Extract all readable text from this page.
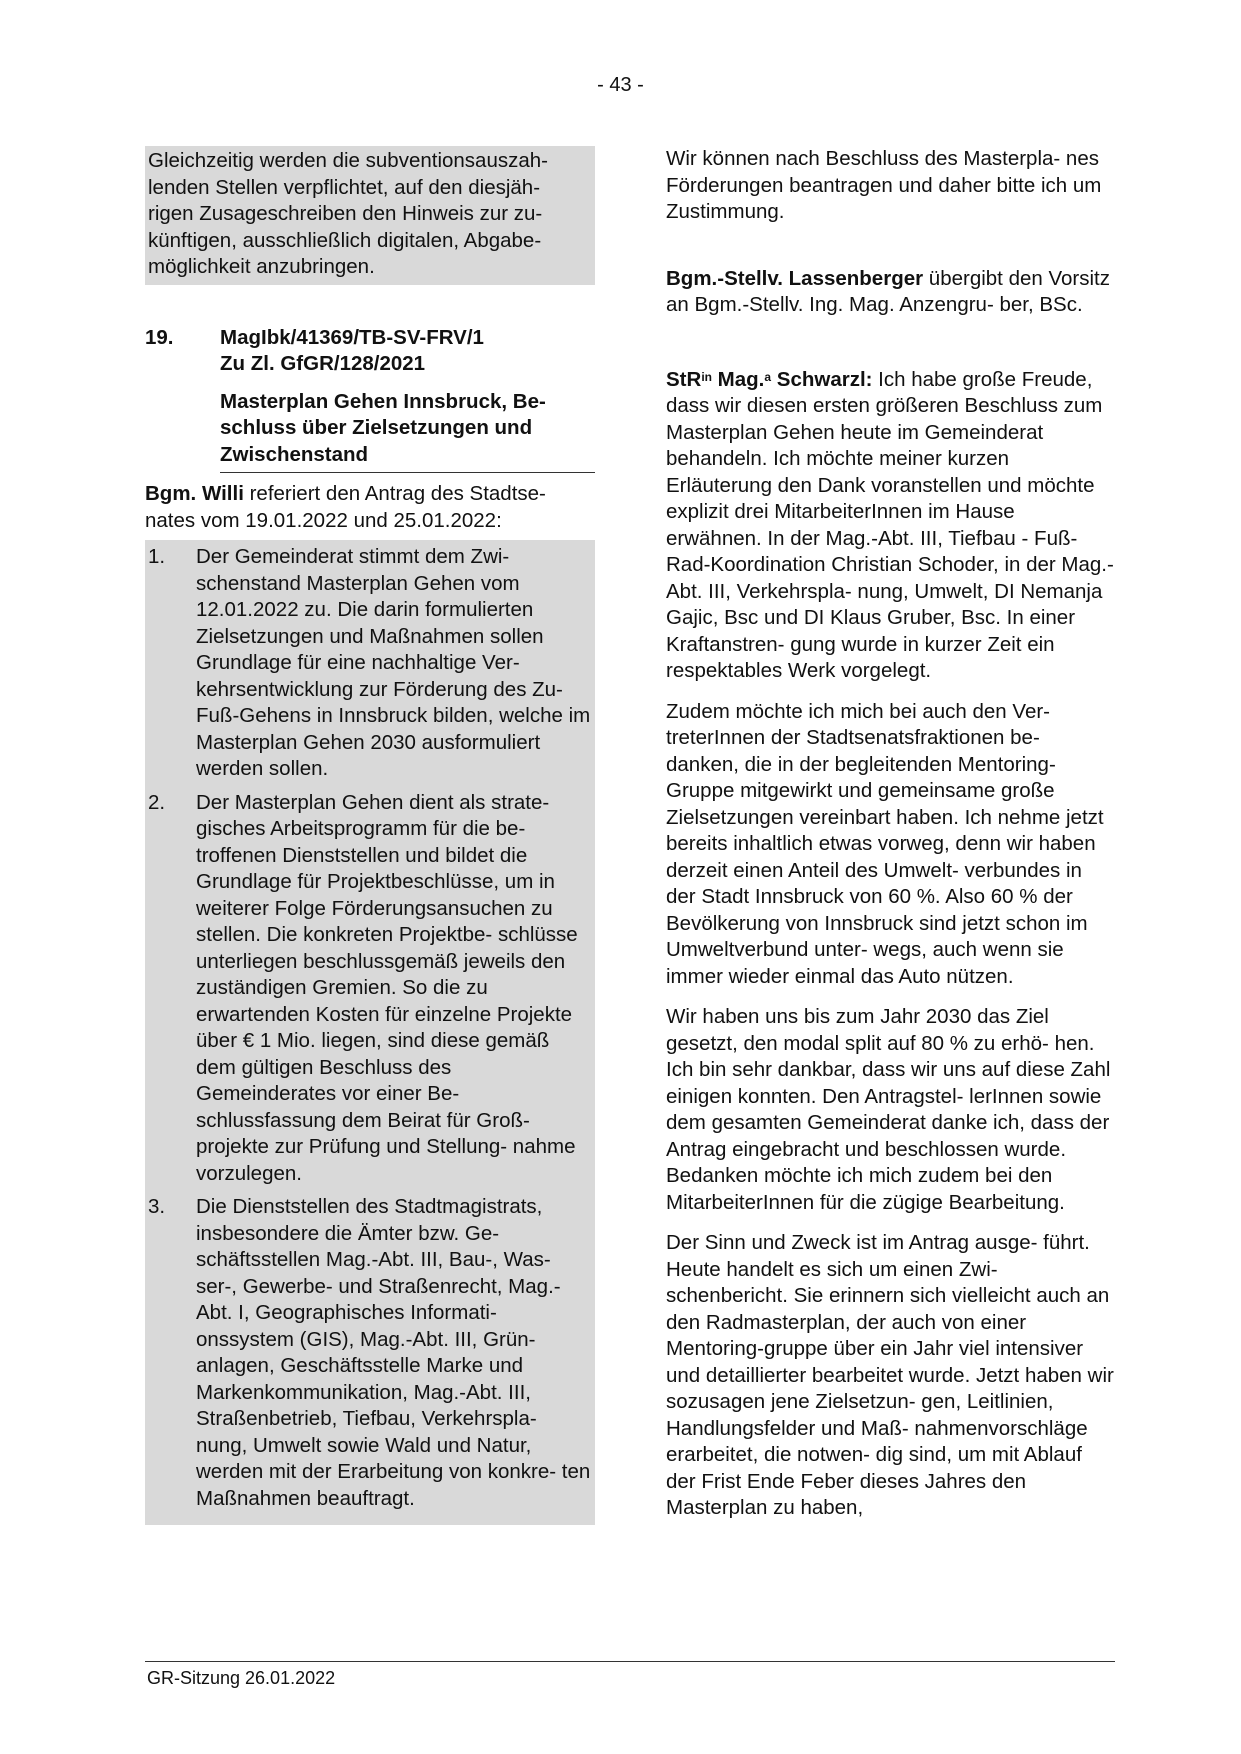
- 43 -
Gleichzeitig werden die subventionsauszah- lenden Stellen verpflichtet, auf den diesjäh- rigen Zusageschreiben den Hinweis zur zu- künftigen, ausschließlich digitalen, Abgabe- möglichkeit anzubringen.
19.	MagIbk/41369/TB-SV-FRV/1
Zu Zl. GfGR/128/2021
Masterplan Gehen Innsbruck, Be- schluss über Zielsetzungen und Zwischenstand

Bgm. Willi referiert den Antrag des Stadtse- nates vom 19.01.2022 und 25.01.2022:

1.	Der Gemeinderat stimmt dem Zwi- schenstand Masterplan Gehen vom 12.01.2022 zu. Die darin formulierten Zielsetzungen und Maßnahmen sollen Grundlage für eine nachhaltige Ver- kehrsentwicklung zur Förderung des Zu-Fuß-Gehens in Innsbruck bilden, welche im Masterplan Gehen 2030 ausformuliert werden sollen.
2.	Der Masterplan Gehen dient als strate- gisches Arbeitsprogramm für die be- troffenen Dienststellen und bildet die Grundlage für Projektbeschlüsse, um in weiterer Folge Förderungsansuchen zu stellen. Die konkreten Projektbe- schlüsse unterliegen beschlussgemäß jeweils den zuständigen Gremien. So die zu erwartenden Kosten für einzelne Projekte über € 1 Mio. liegen, sind diese gemäß dem gültigen Beschluss des Gemeinderates vor einer Be- schlussfassung dem Beirat für Groß- projekte zur Prüfung und Stellung- nahme vorzulegen.
3.	Die Dienststellen des Stadtmagistrats, insbesondere die Ämter bzw. Ge- schäftsstellen Mag.-Abt. III, Bau-, Was- ser-, Gewerbe- und Straßenrecht, Mag.-Abt. I, Geographisches Informati- onssystem (GIS), Mag.-Abt. III, Grün- anlagen, Geschäftsstelle Marke und Markenkommunikation, Mag.-Abt. III, Straßenbetrieb, Tiefbau, Verkehrspla- nung, Umwelt sowie Wald und Natur, werden mit der Erarbeitung von konkre- ten Maßnahmen beauftragt.

Wir können nach Beschluss des Masterpla- nes Förderungen beantragen und daher bitte ich um Zustimmung.

Bgm.-Stellv. Lassenberger übergibt den Vorsitz an Bgm.-Stellv. Ing. Mag. Anzengru- ber, BSc.

StR$^{in}$ Mag.$^a$ Schwarzl: Ich habe große Freude, dass wir diesen ersten größeren Beschluss zum Masterplan Gehen heute im Gemeinderat behandeln. Ich möchte meiner kurzen Erläuterung den Dank voranstellen und möchte explizit drei MitarbeiterInnen im Hause erwähnen. In der Mag.-Abt. III, Tiefbau - Fuß-Rad-Koordination Christian Schoder, in der Mag.-Abt. III, Verkehrspla- nung, Umwelt, DI Nemanja Gajic, Bsc und DI Klaus Gruber, Bsc. In einer Kraftanstren- gung wurde in kurzer Zeit ein respektables Werk vorgelegt.

Zudem möchte ich mich bei auch den Ver- treterInnen der Stadtsenatsfraktionen be- danken, die in der begleitenden Mentoring- Gruppe mitgewirkt und gemeinsame große Zielsetzungen vereinbart haben. Ich nehme jetzt bereits inhaltlich etwas vorweg, denn wir haben derzeit einen Anteil des Umwelt- verbundes in der Stadt Innsbruck von 60 %. Also 60 % der Bevölkerung von Innsbruck sind jetzt schon im Umweltverbund unter- wegs, auch wenn sie immer wieder einmal das Auto nützen.

Wir haben uns bis zum Jahr 2030 das Ziel gesetzt, den modal split auf 80 % zu erhö- hen. Ich bin sehr dankbar, dass wir uns auf diese Zahl einigen konnten. Den Antragstel- lerInnen sowie dem gesamten Gemeinderat danke ich, dass der Antrag eingebracht und beschlossen wurde. Bedanken möchte ich mich zudem bei den MitarbeiterInnen für die zügige Bearbeitung.

Der Sinn und Zweck ist im Antrag ausge- führt. Heute handelt es sich um einen Zwi- schenbericht. Sie erinnern sich vielleicht auch an den Radmasterplan, der auch von einer Mentoring-gruppe über ein Jahr viel intensiver und detaillierter bearbeitet wurde. Jetzt haben wir sozusagen jene Zielsetzun- gen, Leitlinien, Handlungsfelder und Maß- nahmenvorschläge erarbeitet, die notwen- dig sind, um mit Ablauf der Frist Ende Feber dieses Jahres den Masterplan zu haben,

GR-Sitzung 26.01.2022
